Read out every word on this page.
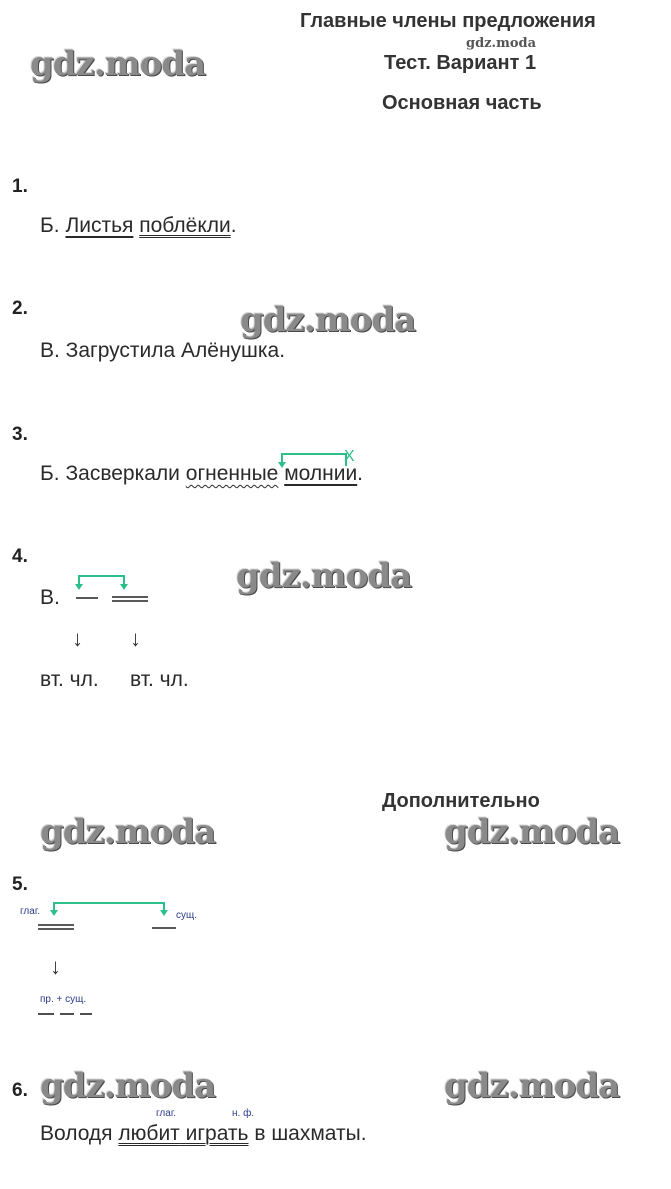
Главные члены предложения
gdz.moda
Тест. Вариант 1
Основная часть
gdz.moda
gdz.moda
gdz.moda
gdz.moda	gdz.moda
gdz.moda	gdz.moda
1.
Б. Листья поблёкли.
2.
В. Загрустила Алёнушка.
3.
X
Б. Засверкали огненные молнии.
4.
В.
↓ ↓
вт. чл. вт. чл.
Дополнительно
5.
глаг.	сущ.
↓
пр. + сущ.
6.
глаг.	н. ф.
Володя любит играть в шахматы.
